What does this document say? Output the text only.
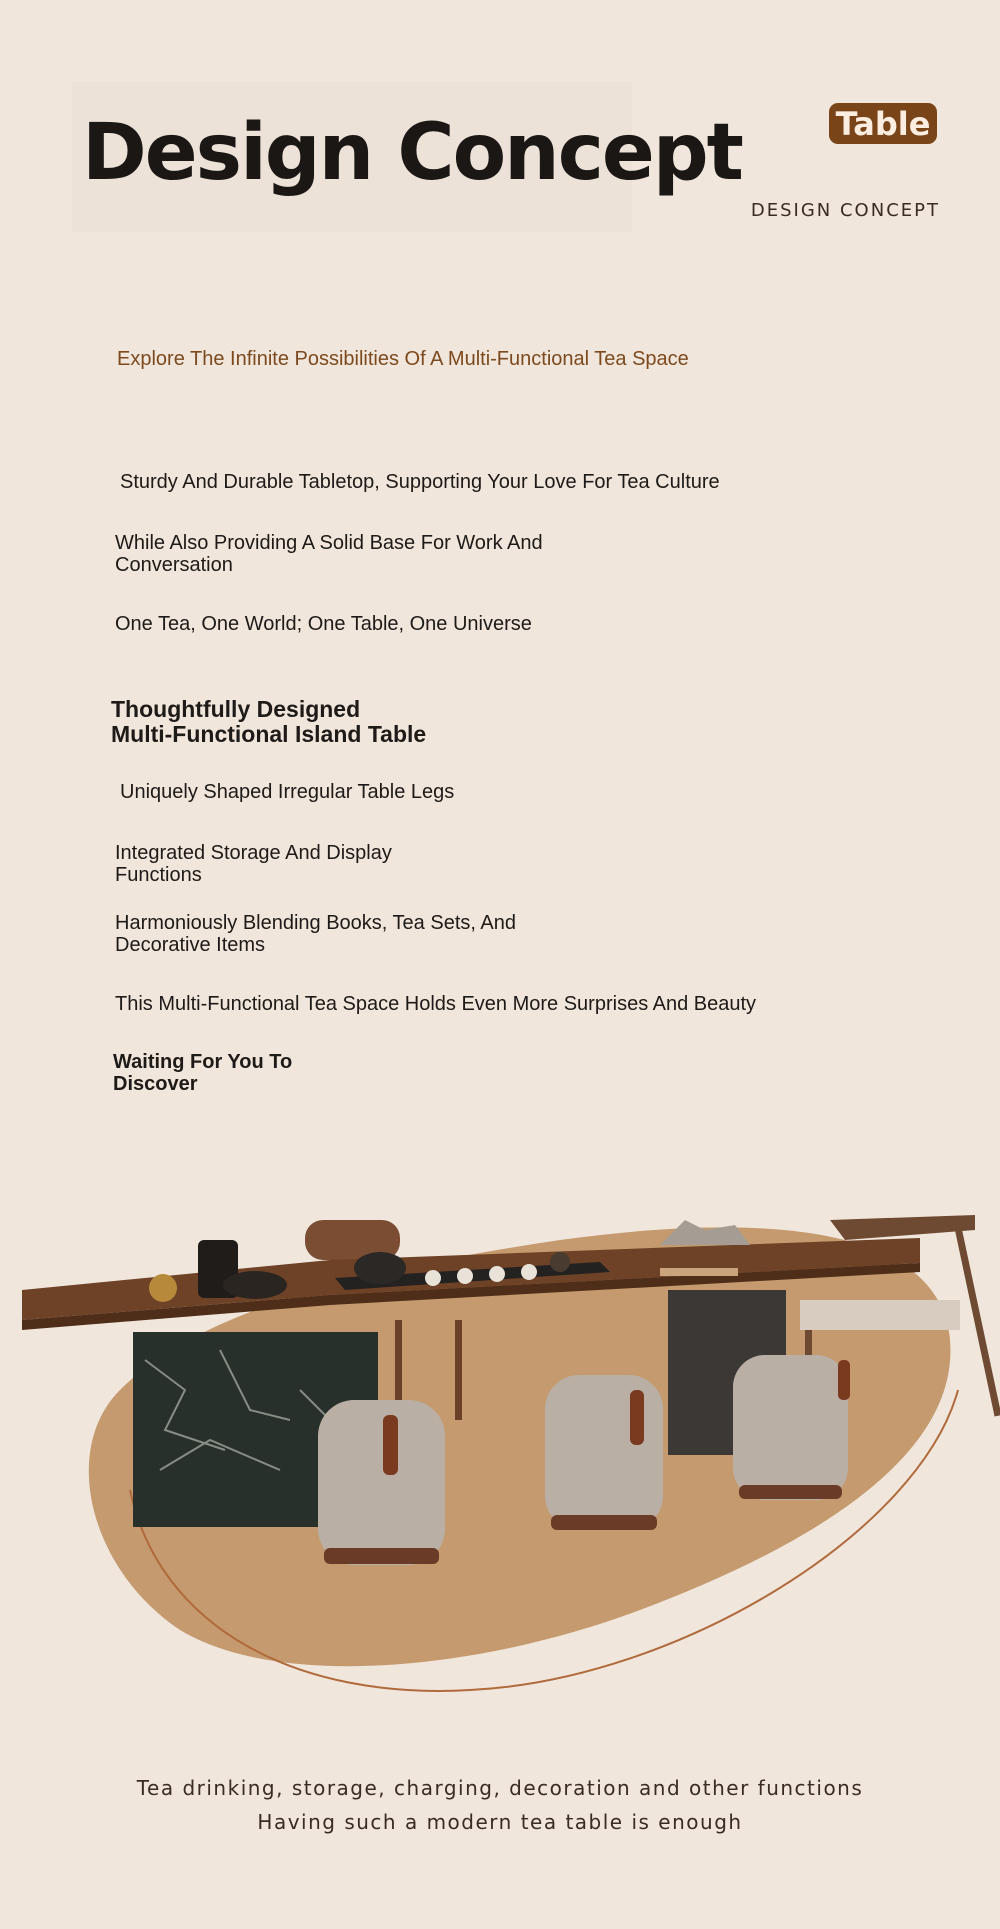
Design Concept	Table
DESIGN CONCEPT
Explore The Infinite Possibilities Of A Multi-Functional Tea Space
Sturdy And Durable Tabletop, Supporting Your Love For Tea Culture
While Also Providing A Solid Base For Work And
Conversation
One Tea, One World; One Table, One Universe
Thoughtfully Designed
Multi-Functional Island Table
Uniquely Shaped Irregular Table Legs
Integrated Storage And Display
Functions
Harmoniously Blending Books, Tea Sets, And
Decorative Items
This Multi-Functional Tea Space Holds Even More Surprises And Beauty
Waiting For You To
Discover
Tea drinking, storage, charging, decoration and other functions
Having such a modern tea table is enough
